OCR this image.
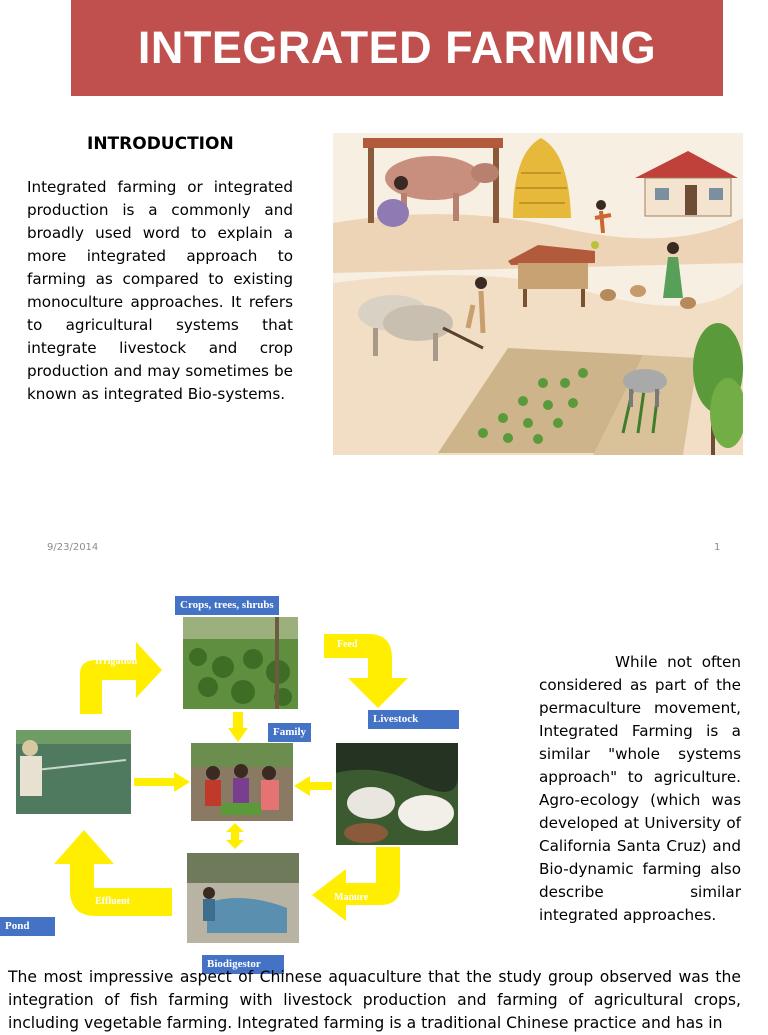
INTEGRATED FARMING
INTRODUCTION
Integrated farming or integrated production is a commonly and broadly used word to explain a more integrated approach to farming as compared to existing monoculture approaches. It refers to agricultural systems that integrate livestock and crop production and may sometimes be known as integrated Bio-systems.
9/23/2014	1
Irrigation
Feed
Manure
Effluent
Crops, trees, shrubs
Livestock
Family
Pond
Biodigestor
While not often considered as part of the permaculture movement, Integrated Farming is a similar "whole systems approach" to agriculture. Agro-ecology (which was developed at University of California Santa Cruz) and Bio-dynamic farming also describe similar integrated approaches.
The most impressive aspect of Chinese aquaculture that the study group observed was the integration of fish farming with livestock production and farming of agricultural crops, including vegetable farming. Integrated farming is a traditional Chinese practice and has in
